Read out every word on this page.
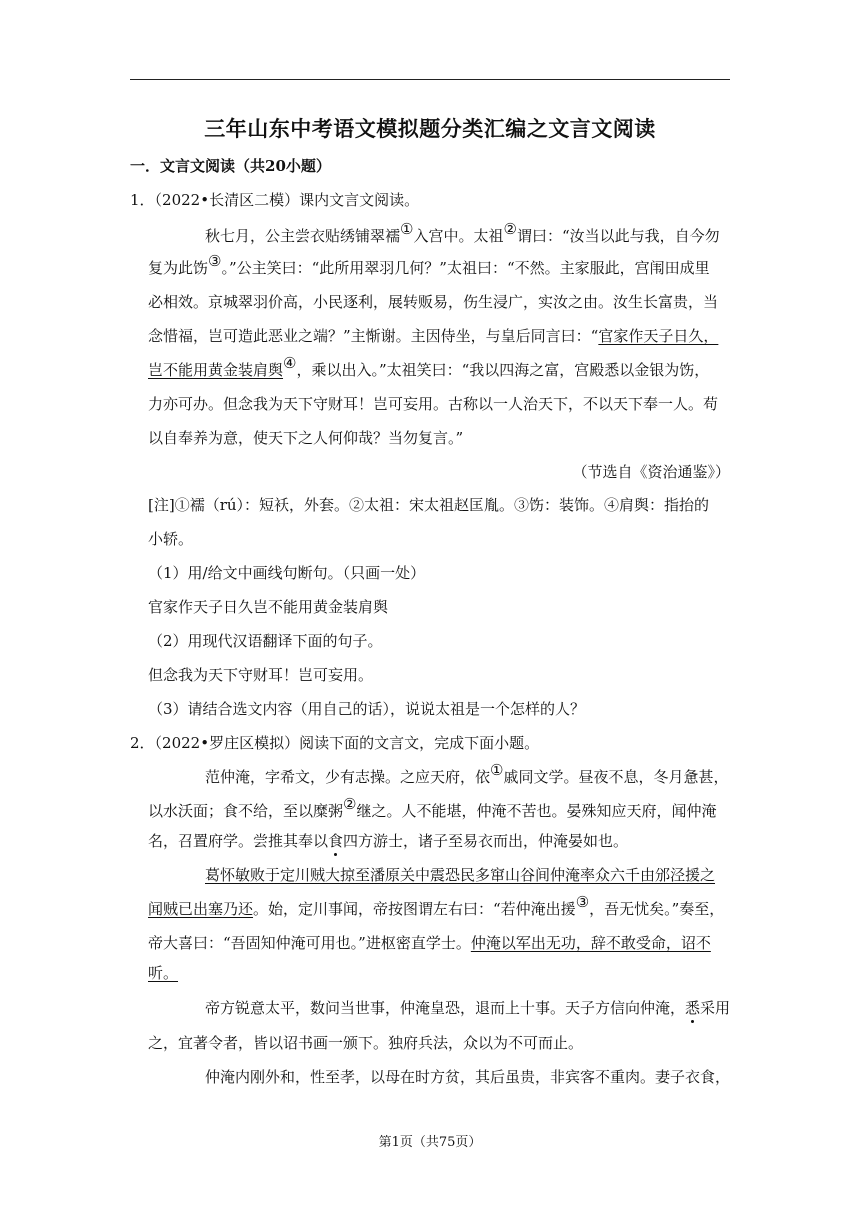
三年山东中考语文模拟题分类汇编之文言文阅读
一．文言文阅读（共20小题）
1．（2022•长清区二模）课内文言文阅读。
秋七月，公主尝衣贴绣铺翠襦①入宫中。太祖②谓曰：“汝当以此与我，自今勿
复为此饬③。”公主笑曰：“此所用翠羽几何？”太祖曰：“不然。主家服此，宫闱田成里
必相效。京城翠羽价高，小民逐利，展转贩易，伤生浸广，实汝之由。汝生长富贵，当
念惜福，岂可造此恶业之端？”主惭谢。主因侍坐，与皇后同言曰：“官家作天子日久，
岂不能用黄金装肩舆④，乘以出入。”太祖笑曰：“我以四海之富，宫殿悉以金银为饬，
力亦可办。但念我为天下守财耳！岂可妄用。古称以一人治天下，不以天下奉一人。苟
以自奉养为意，使天下之人何仰哉？当勿复言。”
（节选自《资治通鉴》）
[注]①襦（rú）：短袄，外套。②太祖：宋太祖赵匡胤。③饬：装饰。④肩舆：指抬的
小轿。
（1）用/给文中画线句断句。（只画一处）
官家作天子日久岂不能用黄金装肩舆
（2）用现代汉语翻译下面的句子。
但念我为天下守财耳！岂可妄用。
（3）请结合选文内容（用自己的话），说说太祖是一个怎样的人？
2．（2022•罗庄区模拟）阅读下面的文言文，完成下面小题。
范仲淹，字希文，少有志操。之应天府，依①戚同文学。昼夜不息，冬月惫甚，
以水沃面；食不给，至以糜粥②继之。人不能堪，仲淹不苦也。晏殊知应天府，闻仲淹
名，召置府学。尝推其奉以食四方游士，诸子至易衣而出，仲淹晏如也。
葛怀敏败于定川贼大掠至潘原关中震恐民多窜山谷间仲淹率众六千由邠泾援之
闻贼已出塞乃还。始，定川事闻，帝按图谓左右曰：“若仲淹出援③，吾无忧矣。”奏至，
帝大喜曰：“吾固知仲淹可用也。”进枢密直学士。仲淹以军出无功，辞不敢受命，诏不
听。
帝方锐意太平，数问当世事，仲淹皇恐，退而上十事。天子方信向仲淹，悉采用
之，宜著令者，皆以诏书画一颁下。独府兵法，众以为不可而止。
仲淹内刚外和，性至孝，以母在时方贫，其后虽贵，非宾客不重肉。妻子衣食，
第1页（共75页）
